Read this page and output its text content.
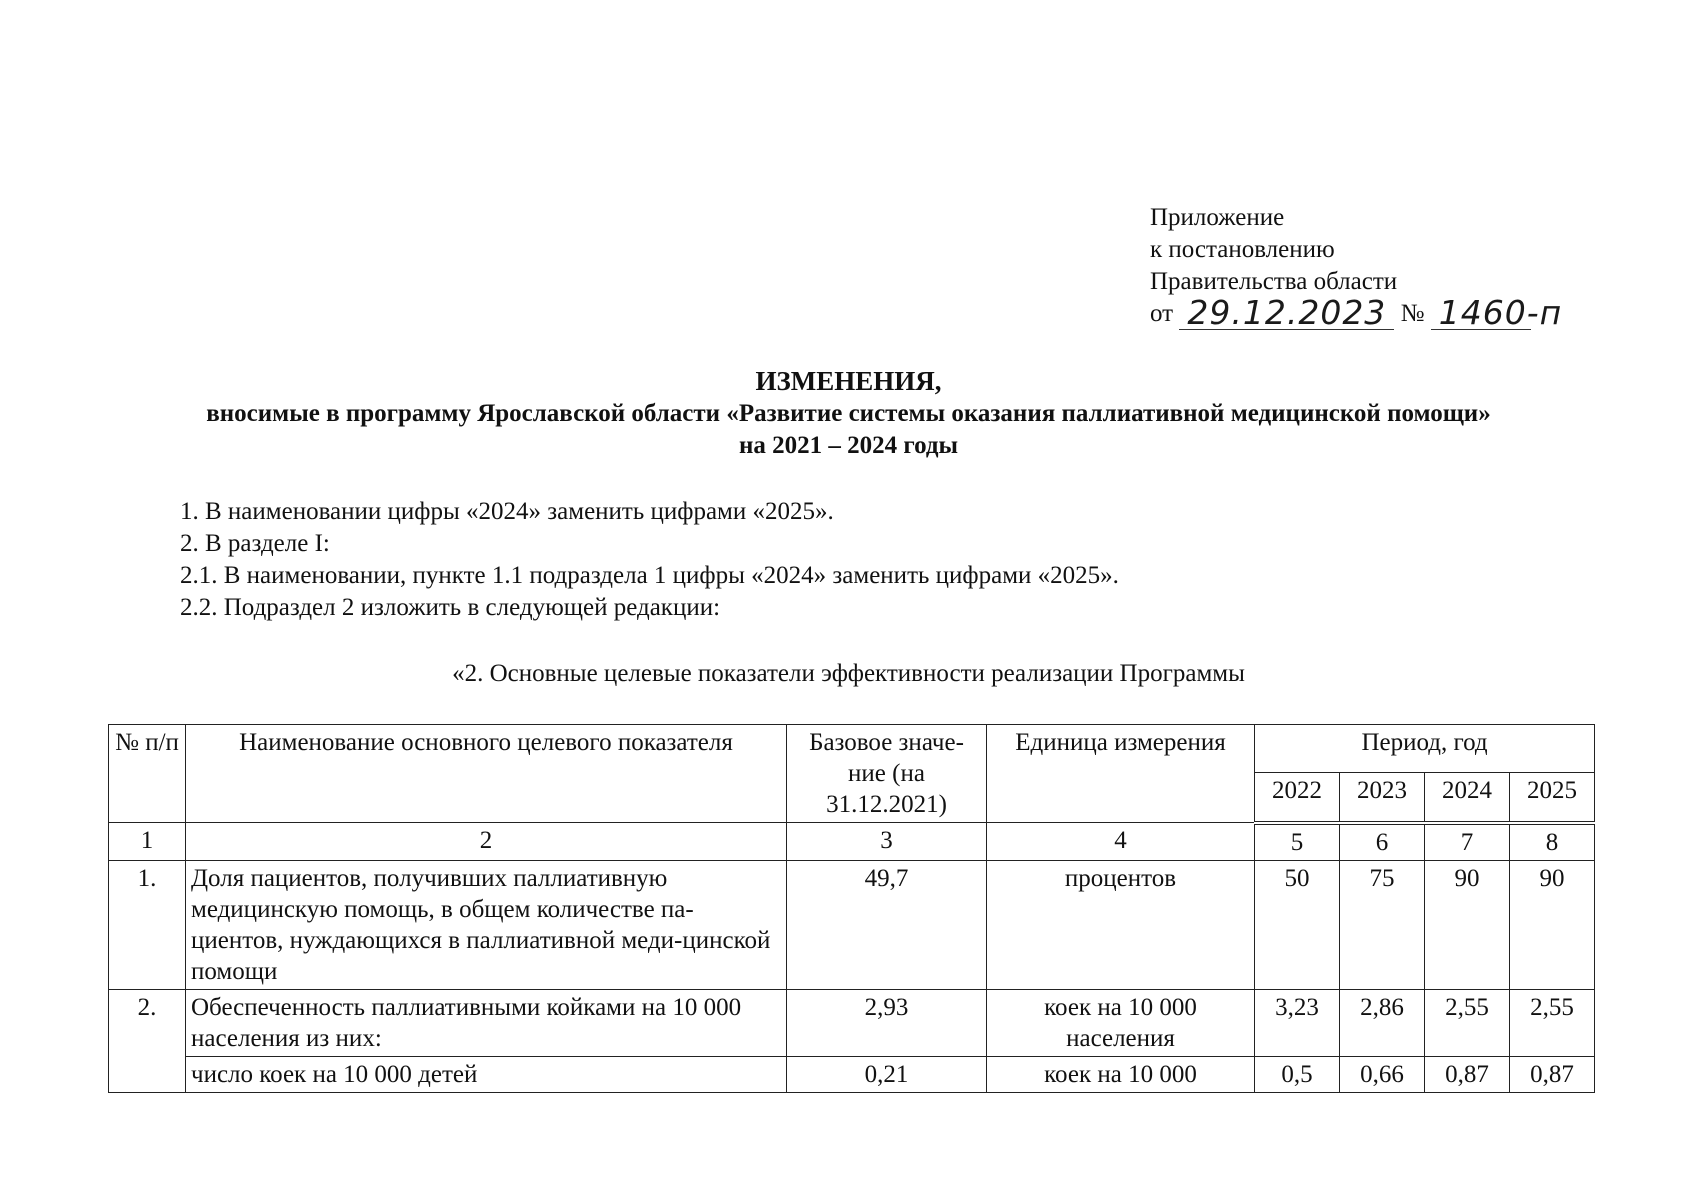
Приложение
к постановлению
Правительства области
от 29.12.2023 № 1460-п
ИЗМЕНЕНИЯ,
вносимые в программу Ярославской области «Развитие системы оказания паллиативной медицинской помощи»
на 2021 – 2024 годы
1. В наименовании цифры «2024» заменить цифрами «2025».
2. В разделе I:
2.1. В наименовании, пункте 1.1 подраздела 1 цифры «2024» заменить цифрами «2025».
2.2. Подраздел 2 изложить в следующей редакции:
«2. Основные целевые показатели эффективности реализации Программы
№ п/п	Наименование основного целевого показателя	Базовое значе-ние (на 31.12.2021)	Единица измерения	Период, год			
				2022	2023	2024	2025
1	2	3	4	5	6	7	8
1.	Доля пациентов, получивших паллиативную медицинскую помощь, в общем количестве па-циентов, нуждающихся в паллиативной меди-цинской помощи	49,7	процентов	50	75	90	90
2.	Обеспеченность паллиативными койками на 10 000 населения из них:	2,93	коек на 10 000 населения	3,23	2,86	2,55	2,55
	число коек на 10 000 детей	0,21	коек на 10 000	0,5	0,66	0,87	0,87
